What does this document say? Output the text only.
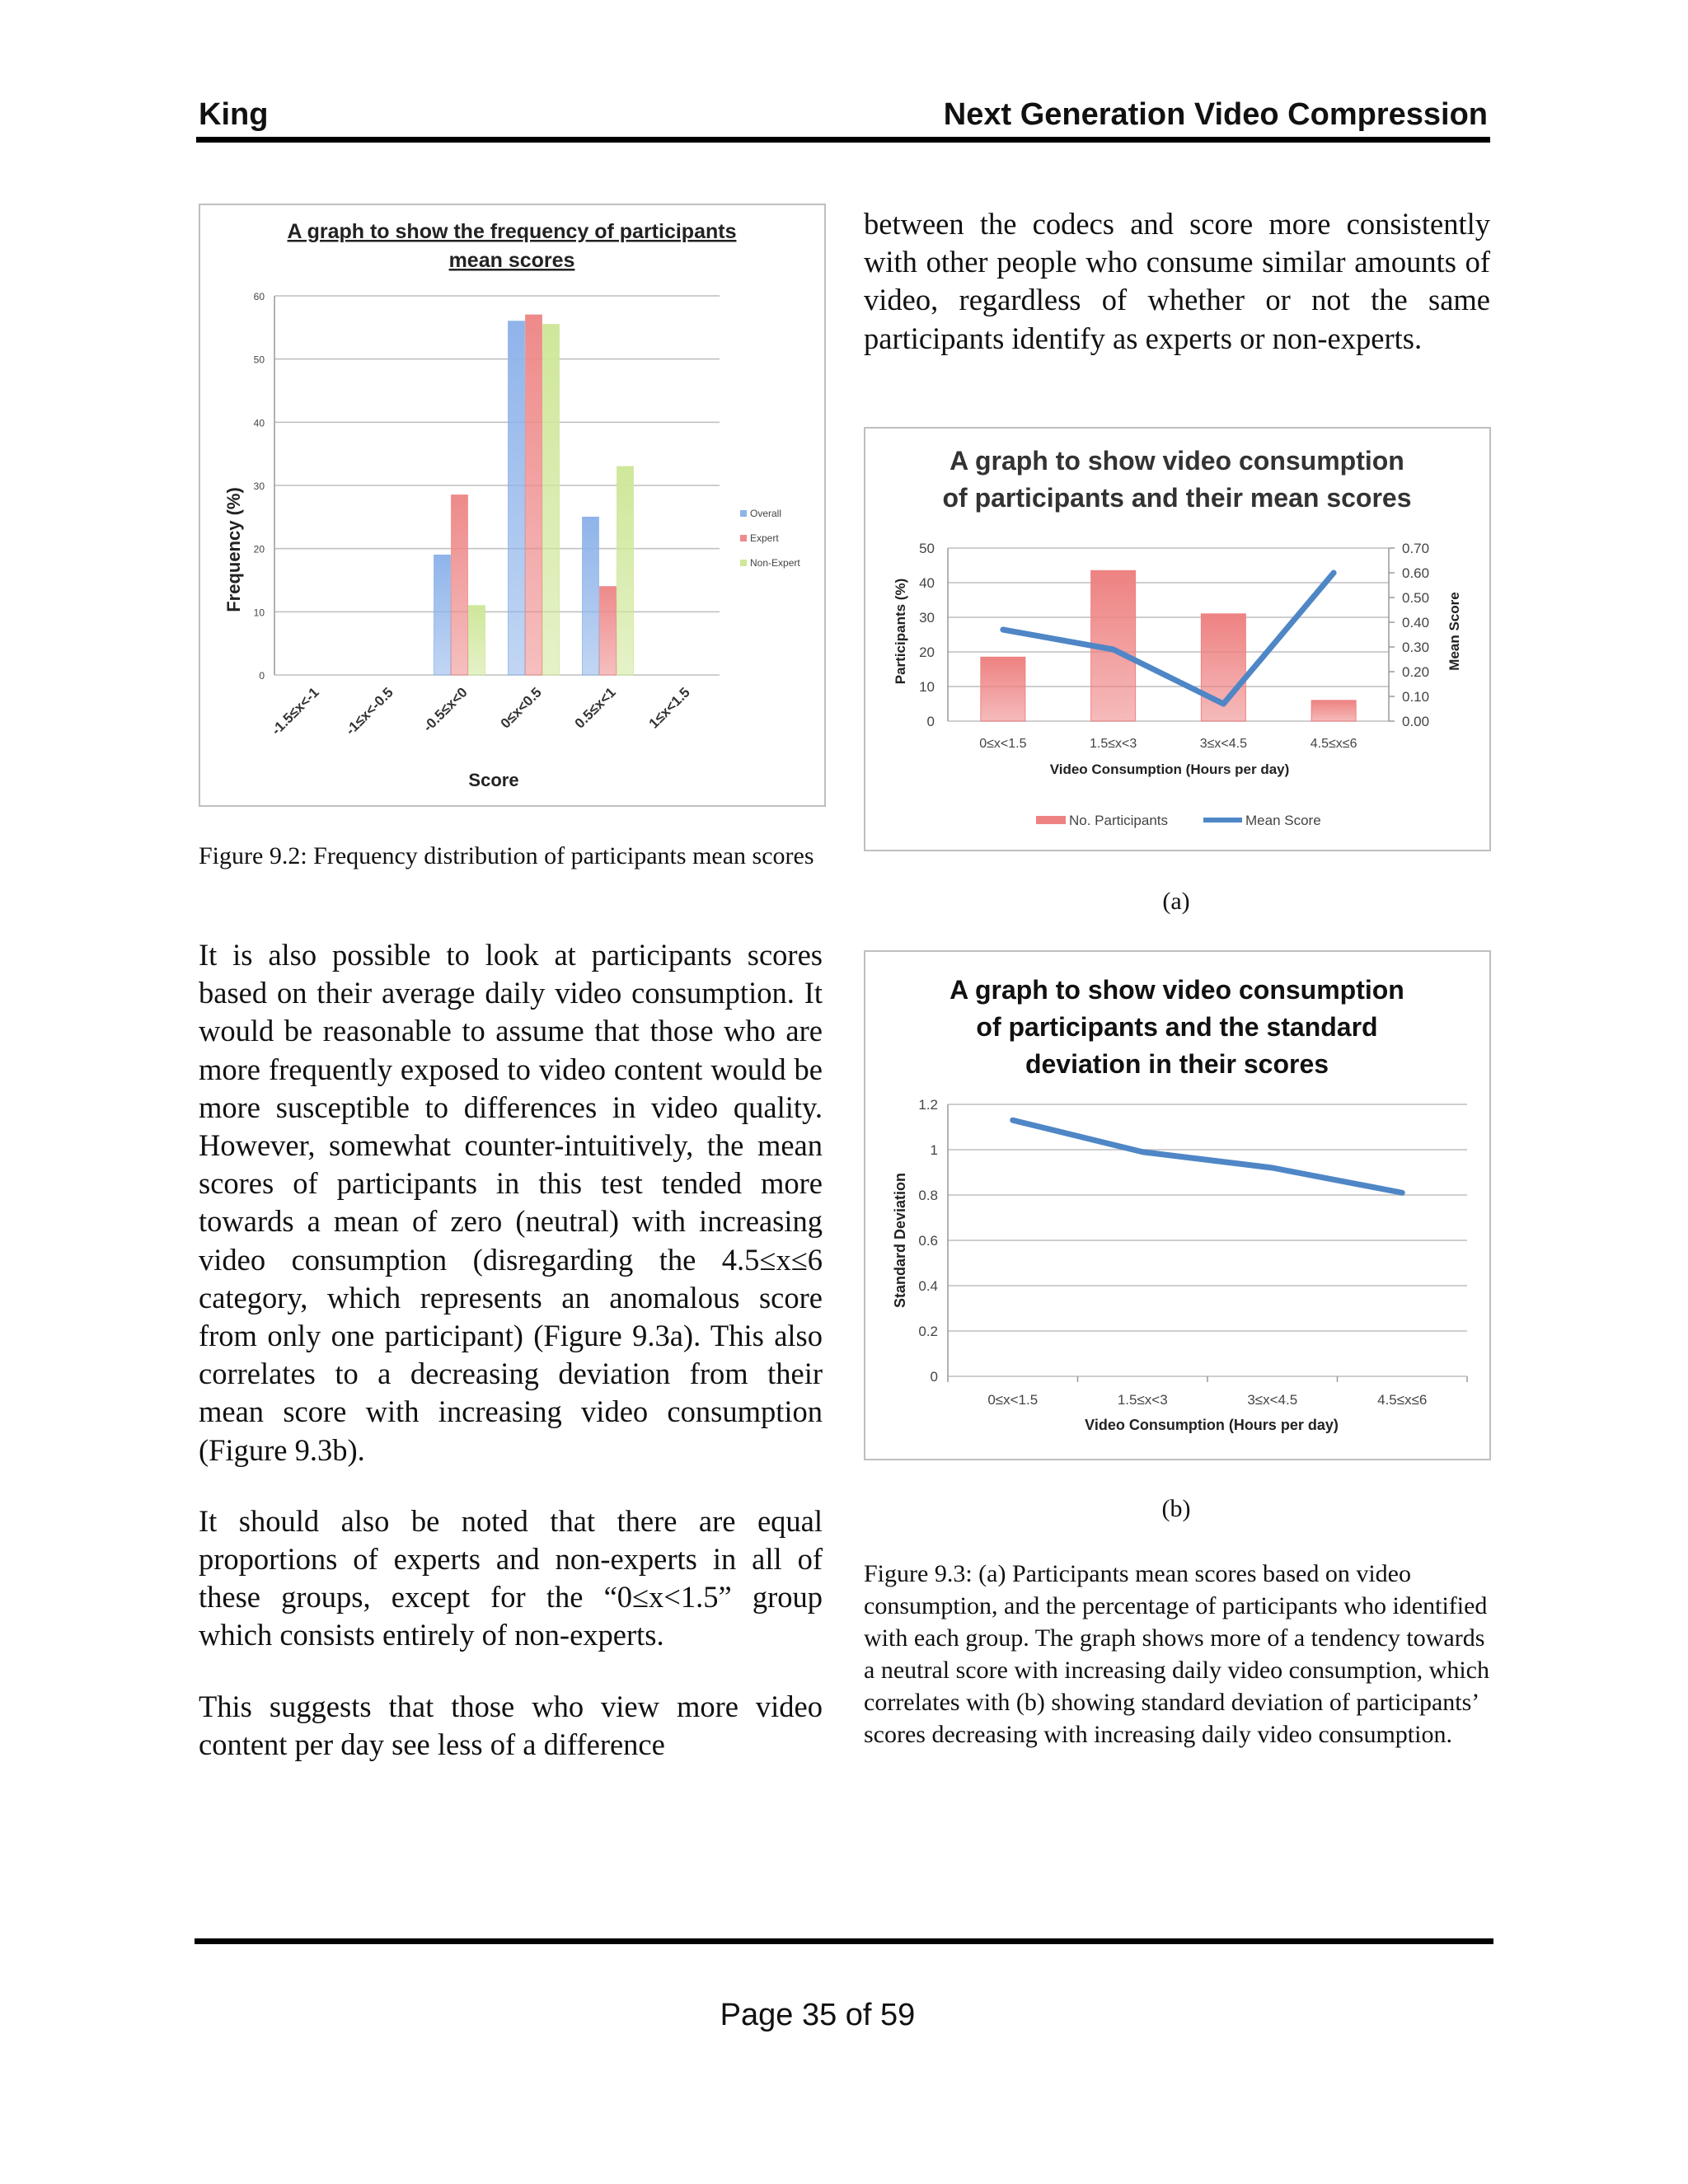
King	Next Generation Video Compression
A graph to show the frequency of participants
mean scores
0
10
20
30
40
50
60
-1.5≤x<-1 -1≤x<-0.5 -0.5≤x<0 0≤x<0.5 0.5≤x<1 1≤x<1.5
Score
Frequency (%)	Overall
Expert
Non-Expert
Figure 9.2: Frequency distribution of participants mean scores

It is also possible to look at participants scores based on their average daily video consumption. It would be reasonable to assume that those who are more frequently exposed to video content would be more susceptible to differences in video quality. However, somewhat counter-intuitively, the mean scores of participants in this test tended more towards a mean of zero (neutral) with increasing video consumption (disregarding the 4.5≤x≤6 category, which represents an anomalous score from only one participant) (Figure 9.3a). This also correlates to a decreasing deviation from their mean score with increasing video consumption (Figure 9.3b).

It should also be noted that there are equal proportions of experts and non-experts in all of these groups, except for the “0≤x<1.5” group which consists entirely of non-experts.

This suggests that those who view more video content per day see less of a difference

between the codecs and score more consistently with other people who consume similar amounts of video, regardless of whether or not the same participants identify as experts or non-experts.

A graph to show video consumption
of participants and their mean scores
0
10
20
30
40
50
0.00
0.10
0.20
0.30
0.40
0.50
0.60
0.70
0≤x<1.5	1.5≤x<3	3≤x<4.5	4.5≤x≤6
Video Consumption (Hours per day)
Participants (%)	Mean Score
No. Participants	Mean Score
(a)
A graph to show video consumption
of participants and the standard
deviation in their scores
0
0.2
0.4
0.6
0.8
1
1.2
0≤x<1.5	1.5≤x<3	3≤x<4.5	4.5≤x≤6
Video Consumption (Hours per day)
Standard Deviation
(b)
Figure 9.3: (a) Participants mean scores based on video consumption, and the percentage of participants who identified with each group. The graph shows more of a tendency towards a neutral score with increasing daily video consumption, which correlates with (b) showing standard deviation of participants’ scores decreasing with increasing daily video consumption.
Page 35 of 59
